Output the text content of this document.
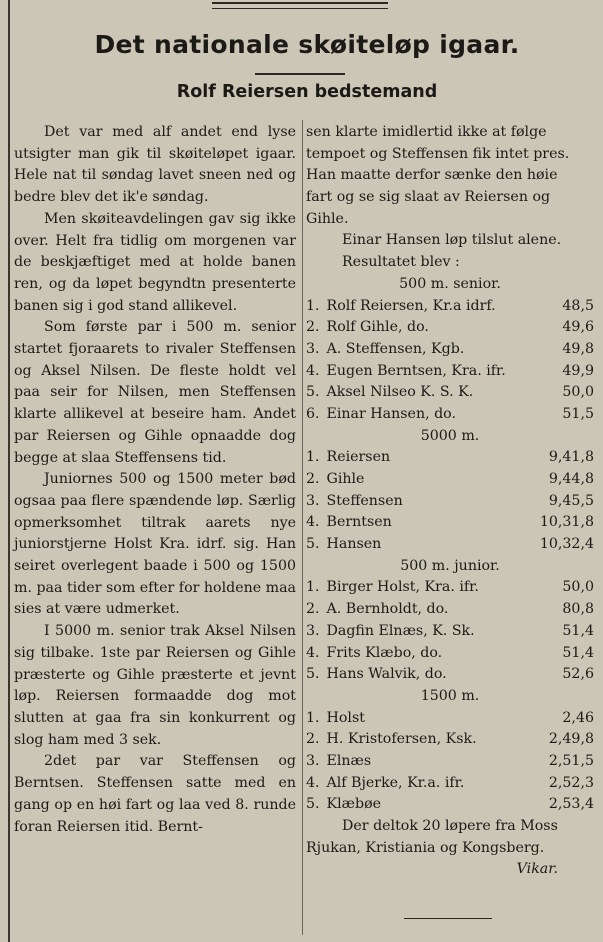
Det nationale skøiteløp igaar.
Rolf Reiersen bedstemand

Det var med alf andet end lyse utsigter man gik til skøiteløpet igaar. Hele nat til søndag lavet sneen ned og bedre blev det ik'e søndag.

Men skøiteavdelingen gav sig ikke over. Helt fra tidlig om morgenen var de beskjæftiget med at holde banen ren, og da løpet begyndtn presenterte banen sig i god stand allikevel.

Som første par i 500 m. senior startet fjoraarets to rivaler Steffensen og Aksel Nilsen. De fleste holdt vel paa seir for Nilsen, men Steffensen klarte allikevel at beseire ham. Andet par Reiersen og Gihle opnaadde dog begge at slaa Steffensens tid.

Juniornes 500 og 1500 meter bød ogsaa paa flere spændende løp. Særlig opmerksomhet tiltrak aarets nye juniorstjerne Holst Kra. idrf. sig. Han seiret overlegent baade i 500 og 1500 m. paa tider som efter for holdene maa sies at være udmerket.

I 5000 m. senior trak Aksel Nilsen sig tilbake. 1ste par Reiersen og Gihle præsterte og Gihle præsterte et jevnt løp. Reiersen formaadde dog mot slutten at gaa fra sin konkurrent og slog ham med 3 sek.

2det par var Steffensen og Berntsen. Steffensen satte med en gang op en høi fart og laa ved 8. runde foran Reiersen itid. Bernt-

sen klarte imidlertid ikke at følge
tempoet og Steffensen fik intet pres.
Han maatte derfor sænke den høie
fart og se sig slaat av Reiersen og
Gihle.
Einar Hansen løp tilslut alene.
Resultatet blev :
500 m. senior.
1. Rolf Reiersen, Kr.a idrf.	48,5
2. Rolf Gihle, do.	49,6
3. A. Steffensen, Kgb.	49,8
4. Eugen Berntsen, Kra. ifr.	49,9
5. Aksel Nilseo K. S. K.	50,0
6. Einar Hansen, do.	51,5
5000 m.
1. Reiersen	9,41,8
2. Gihle	9,44,8
3. Steffensen	9,45,5
4. Berntsen	10,31,8
5. Hansen	10,32,4
500 m. junior.
1. Birger Holst, Kra. ifr.	50,0
2. A. Bernholdt, do.	80,8
3. Dagfin Elnæs, K. Sk.	51,4
4. Frits Klæbo, do.	51,4
5. Hans Walvik, do.	52,6
1500 m.
1. Holst	2,46
2. H. Kristofersen, Ksk.	2,49,8
3. Elnæs	2,51,5
4. Alf Bjerke, Kr.a. ifr.	2,52,3
5. Klæbøe	2,53,4
Der deltok 20 løpere fra Moss
Rjukan, Kristiania og Kongsberg.
Vikar.
